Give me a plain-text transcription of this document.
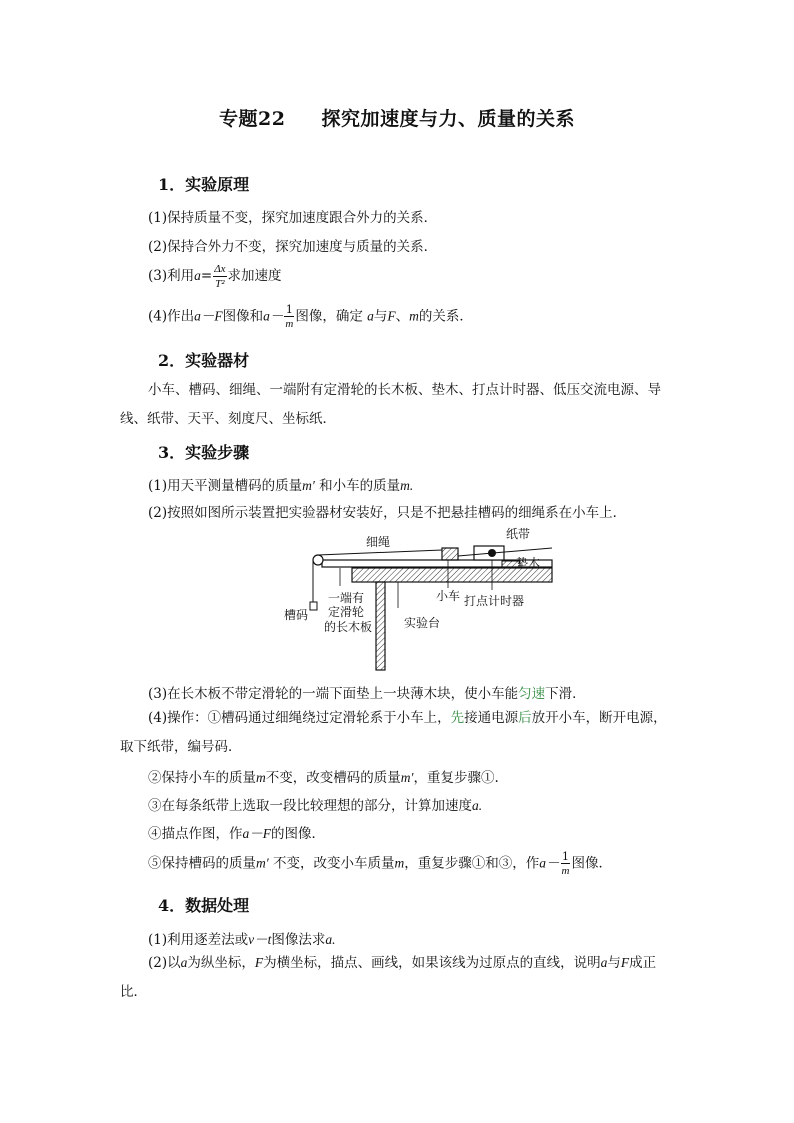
专题22 探究加速度与力、质量的关系
1．实验原理
(1)保持质量不变，探究加速度跟合外力的关系．
(2)保持合外力不变，探究加速度与质量的关系．
(3)利用$a= \frac{\Delta x}{\text{T²}}$ 求加速度
(4)作出a－F图像和$a- \frac{1}{m}$ 图像，确定 a与F、m的关系．
2．实验器材
小车、槽码、细绳、一端附有定滑轮的长木板、垫木、打点计时器、低压交流电源、导线、纸带、天平、刻度尺、坐标纸．
3．实验步骤
(1)用天平测量槽码的质量m′ 和小车的质量m.
(2)按照如图所示装置把实验器材安装好，只是不把悬挂槽码的细绳系在小车上．
细绳
纸带
垫木
小车 打点计时器
槽码
一端有
定滑轮
的长木板	实验台
(3)在长木板不带定滑轮的一端下面垫上一块薄木块，使小车能匀速下滑．
(4)操作：①槽码通过细绳绕过定滑轮系于小车上，先接通电源后放开小车，断开电源，取下纸带，编号码．
②保持小车的质量m不变，改变槽码的质量m′，重复步骤①.
③在每条纸带上选取一段比较理想的部分，计算加速度a.
④描点作图，作a－F的图像．
⑤保持槽码的质量m′ 不变，改变小车质量m，重复步骤①和③，作$a- \frac{1}{m}$ 图像．
4．数据处理
(1)利用逐差法或v－t图像法求a.
(2)以a为纵坐标，F为横坐标，描点、画线，如果该线为过原点的直线，说明a与F成正比．
